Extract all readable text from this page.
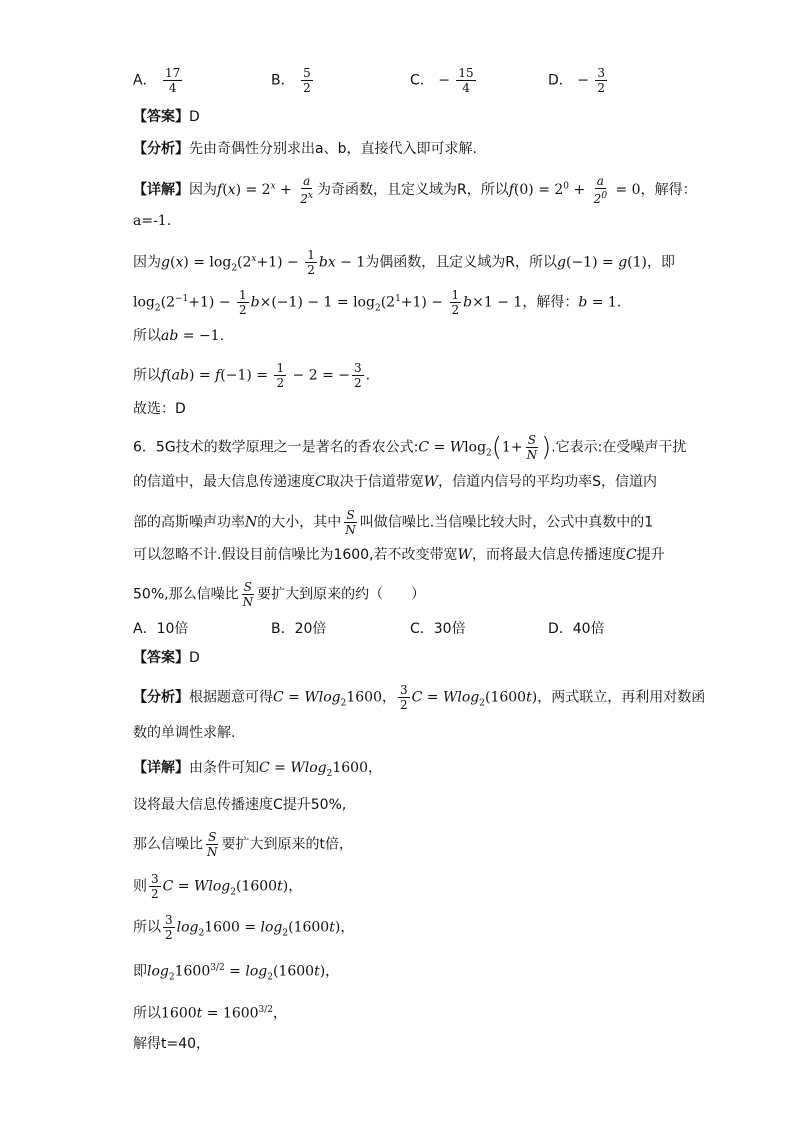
A． $\frac{17}{4}$	B． $\frac{5}{2}$	C． − $\frac{15}{4}$	D． − $\frac{3}{2}$
【答案】D
【分析】先由奇偶性分别求出a、b，直接代入即可求解.
【详解】因为$f(x) = 2^x + \frac{a}{2^x}$ 为奇函数，且定义域为R，所以$f(0) = 2^0 + \frac{a}{2^0} = 0$，解得：
a=-1.
因为$g(x) = \log_2(2^x+1) - \frac{1}{2}$ bx − 1为偶函数，且定义域为R，所以g(−1) = g(1)，即
$\log_2(2^{-1}+1) - \frac{1}{2} b\times(-1) - 1 = \log_2(2^1+1) - \frac{1}{2} b\times 1 - 1$，解得：b = 1.
所以ab = −1.
所以$f(ab) = f(-1) = \frac{1}{2} - 2$ = − $\frac{3}{2}$ .
故选：D
6．5G技术的数学原理之一是著名的香农公式:C = $Wlog_2(1+ \frac{S}{N}$ ).它表示:在受噪声干扰
的信道中，最大信息传递速度C取决于信道带宽W，信道内信号的平均功率S，信道内
部的高斯噪声功率N的大小，其中 $\frac{S}{N}$ 叫做信噪比.当信噪比较大时，公式中真数中的1
可以忽略不计.假设目前信噪比为1600,若不改变带宽W，而将最大信息传播速度C提升
50%,那么信噪比 $\frac{S}{N}$ 要扩大到原来的约（　　）
A．10倍	B．20倍	C．30倍	D．40倍
【答案】D
【分析】根据题意可得C = Wlog$_2$1600， $\frac{3}{2}$ C = Wlog$_2$(1600t)，两式联立，再利用对数函
数的单调性求解.
【详解】由条件可知C = Wlog$_2$1600，
设将最大信息传播速度C提升50%,
那么信噪比 $\frac{S}{N}$ 要扩大到原来的t倍，
则 $\frac{3}{2}$ C = Wlog$_2$(1600t)，
所以 $\frac{3}{2} \log_21600 = \log_2(1600t)$，
即$\log_21600^{3/2} = \log_2(1600t)$，
所以$1600t = 1600^{3/2}$，
解得t=40，
